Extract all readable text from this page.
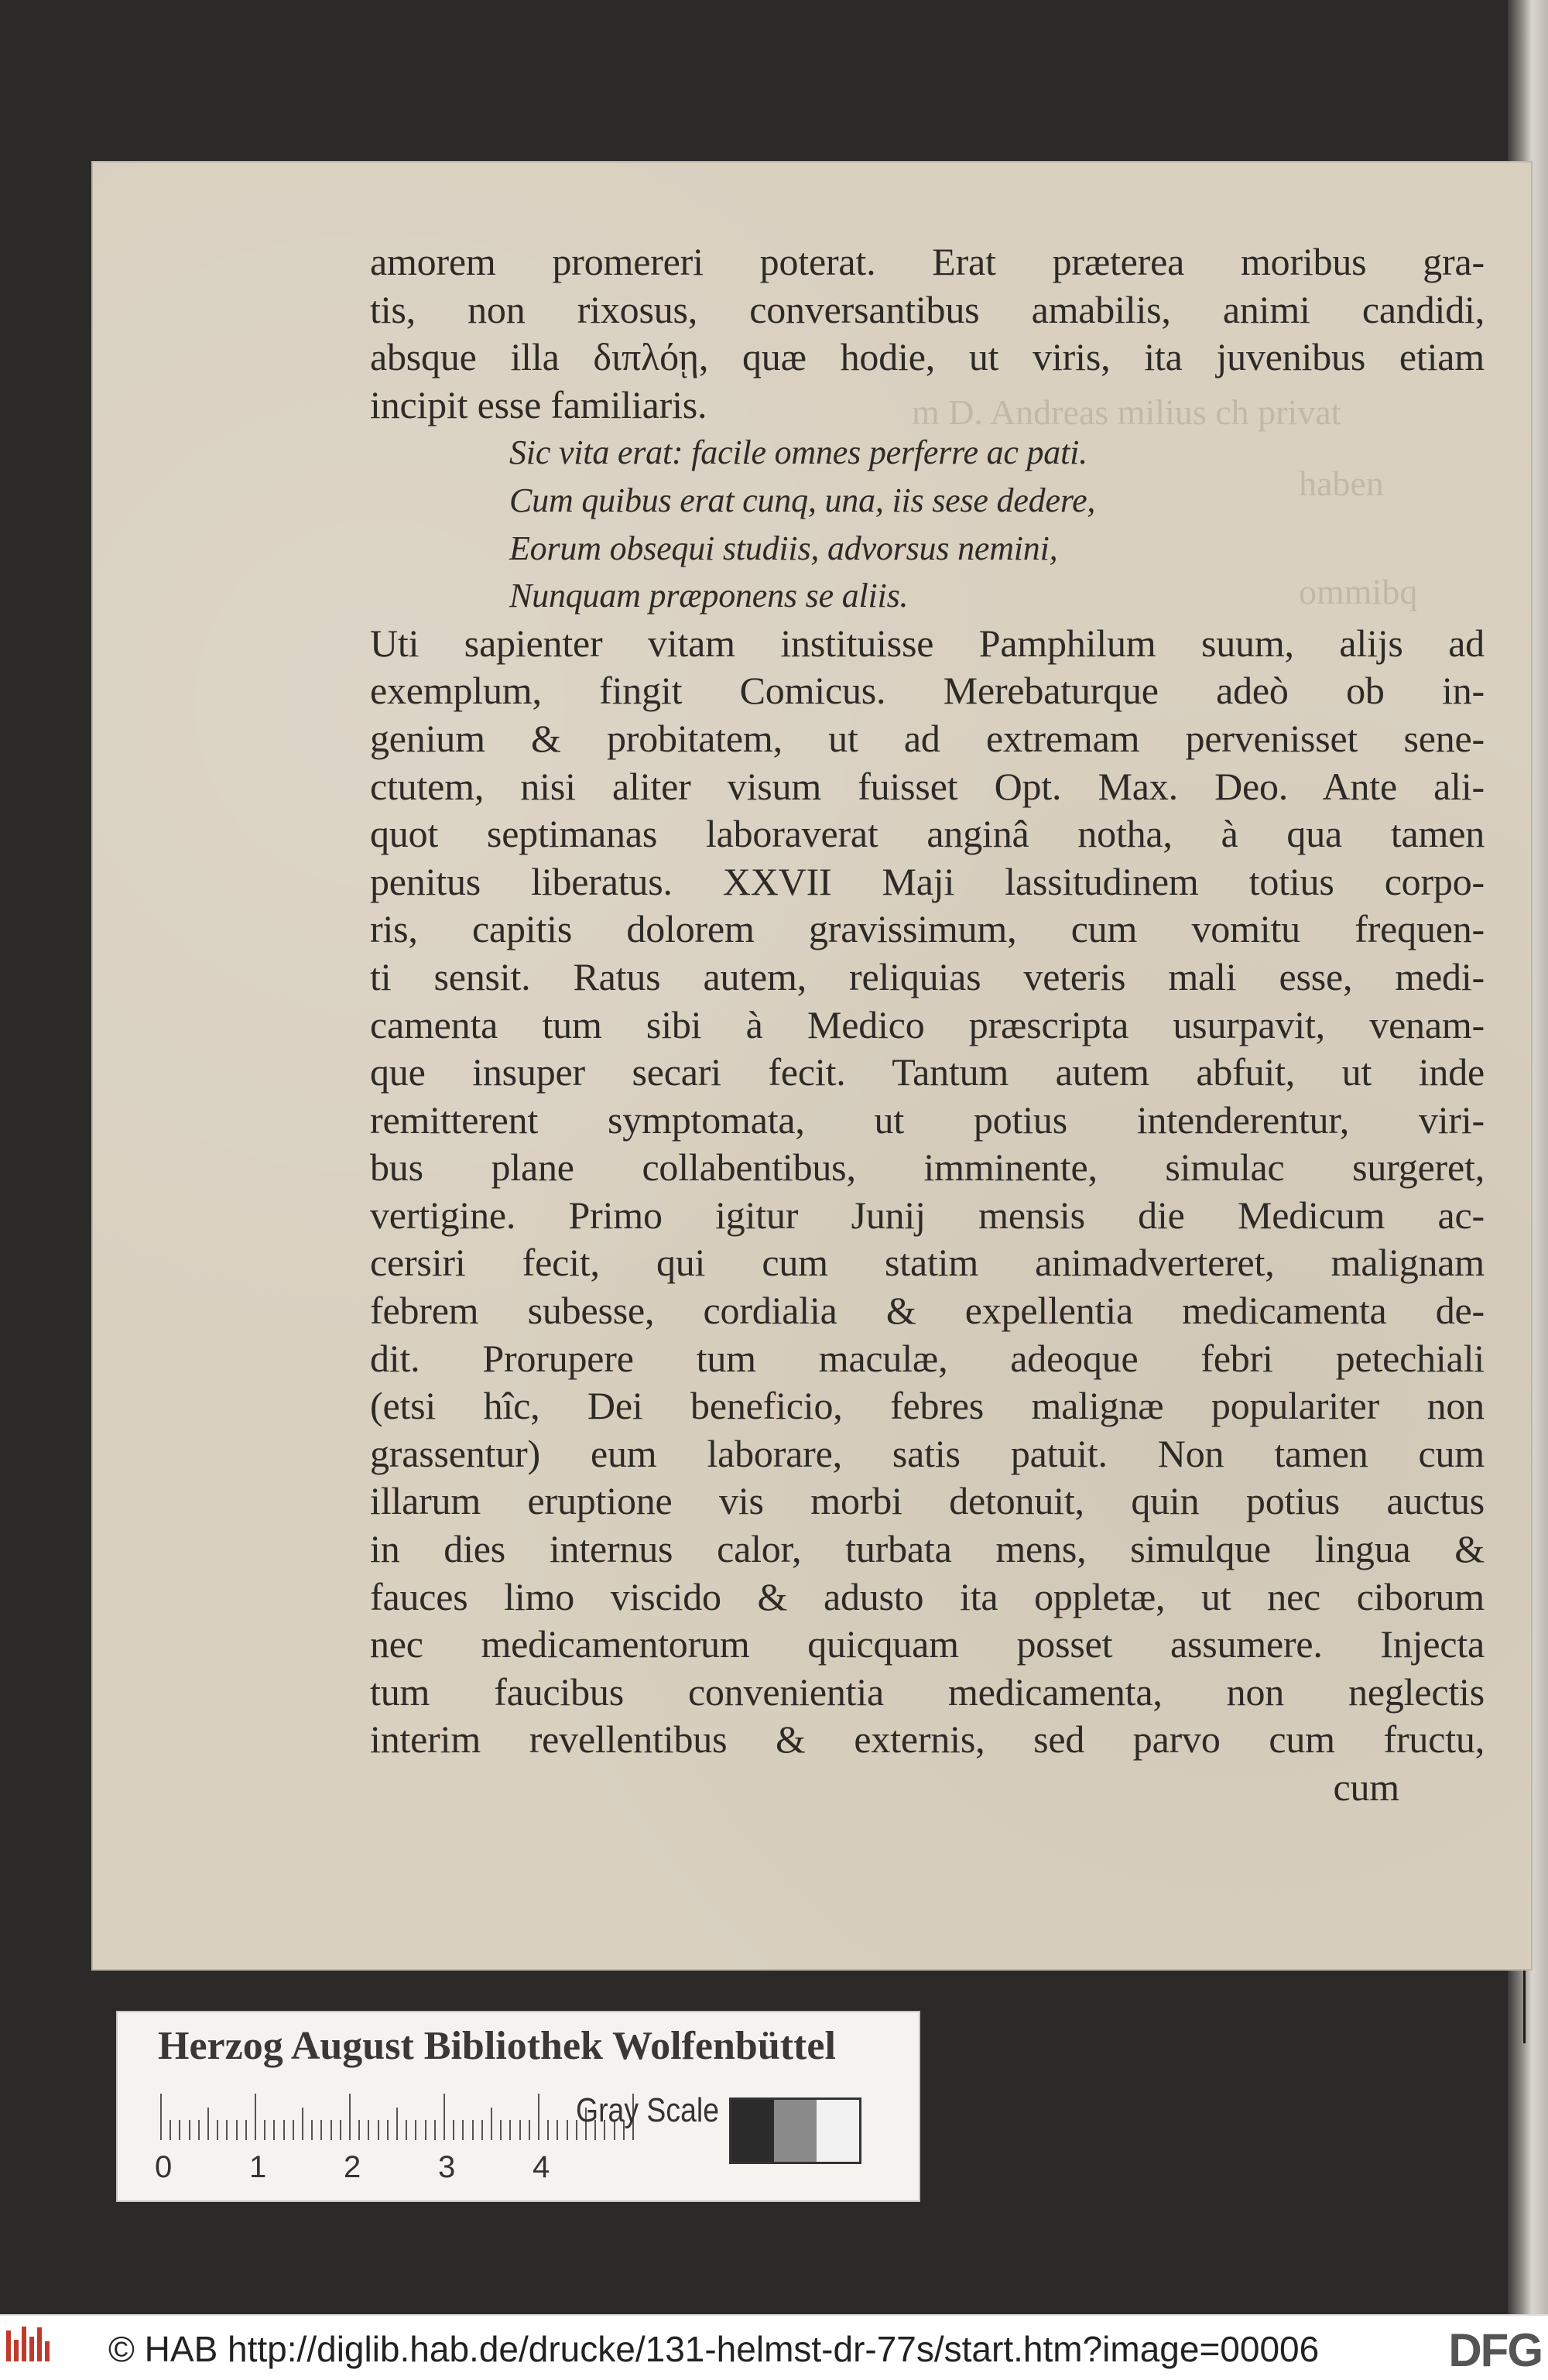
m D. Andreas milius ch privat
haben
ommibq
amorem promereri poterat. Erat præterea moribus gra-
tis, non rixosus, conversantibus amabilis, animi candidi,
absque illa διπλόῃ, quæ hodie, ut viris, ita juvenibus etiam
incipit esse familiaris.
Sic vita erat: facile omnes perferre ac pati.
Cum quibus erat cunq, una, iis sese dedere,
Eorum obsequi studiis, advorsus nemini,
Nunquam præponens se aliis.
Uti sapienter vitam instituisse Pamphilum suum, alijs ad
exemplum, fingit Comicus. Merebaturque adeò ob in-
genium & probitatem, ut ad extremam pervenisset sene-
ctutem, nisi aliter visum fuisset Opt. Max. Deo. Ante ali-
quot septimanas laboraverat anginâ notha, à qua tamen
penitus liberatus. XXVII Maji lassitudinem totius corpo-
ris, capitis dolorem gravissimum, cum vomitu frequen-
ti sensit. Ratus autem, reliquias veteris mali esse, medi-
camenta tum sibi à Medico præscripta usurpavit, venam-
que insuper secari fecit. Tantum autem abfuit, ut inde
remitterent symptomata, ut potius intenderentur, viri-
bus plane collabentibus, imminente, simulac surgeret,
vertigine. Primo igitur Junij mensis die Medicum ac-
cersiri fecit, qui cum statim animadverteret, malignam
febrem subesse, cordialia & expellentia medicamenta de-
dit. Prorupere tum maculæ, adeoque febri petechiali
(etsi hîc, Dei beneficio, febres malignæ populariter non
grassentur) eum laborare, satis patuit. Non tamen cum
illarum eruptione vis morbi detonuit, quin potius auctus
in dies internus calor, turbata mens, simulque lingua &
fauces limo viscido & adusto ita oppletæ, ut nec ciborum
nec medicamentorum quicquam posset assumere. Injecta
tum faucibus convenientia medicamenta, non neglectis
interim revellentibus & externis, sed parvo cum fructu,
cum
Herzog August Bibliothek Wolfenbüttel
0 1 2 3 4
Gray Scale
© HAB http://diglib.hab.de/drucke/131-helmst-dr-77s/start.htm?image=00006	DFG
